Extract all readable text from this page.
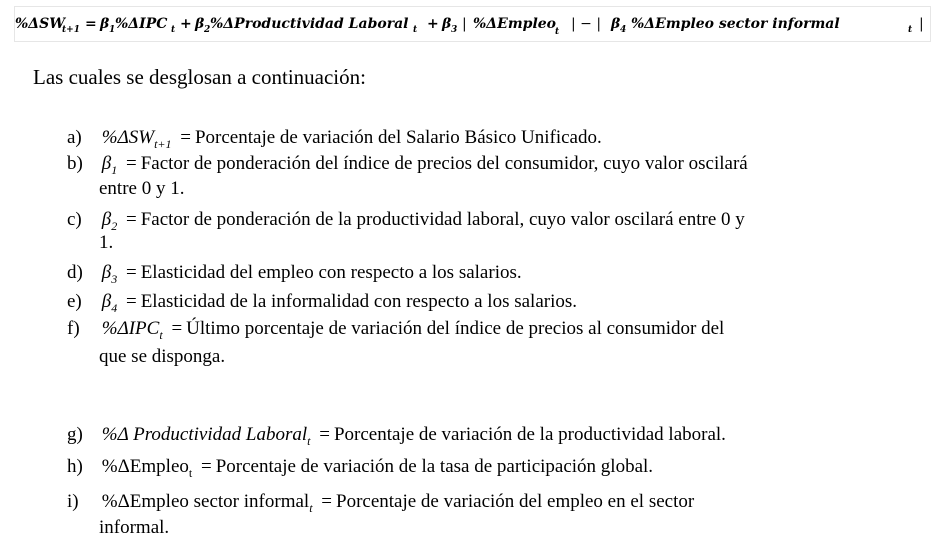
%ΔSW
t+1 = β 1 %ΔIPC t + β 2 %ΔProductividad Laboral t + β 3 | %ΔEmpleo
t | − | β 4 %ΔEmpleo sector informal	t |
Las cuales se desglosan a continuación:
a) $\%\Delta SW_{t+1}$ = Porcentaje de variación del Salario Básico Unificado.
b) $\beta_1$ = Factor de ponderación del índice de precios del consumidor, cuyo valor oscilará
entre 0 y 1.
c) $\beta_2$ = Factor de ponderación de la productividad laboral, cuyo valor oscilará entre 0 y
1.
d) $\beta_3$ = Elasticidad del empleo con respecto a los salarios.
e) $\beta_4$ = Elasticidad de la informalidad con respecto a los salarios.
f) $\%\Delta IPC_t$ = Último porcentaje de variación del índice de precios al consumidor del
que se disponga.
g) %Δ Productividad Laboral$_t$ = Porcentaje de variación de la productividad laboral.
h) %ΔEmpleo$_t$ = Porcentaje de variación de la tasa de participación global.
i) %ΔEmpleo sector informal$_t$ = Porcentaje de variación del empleo en el sector
informal.
